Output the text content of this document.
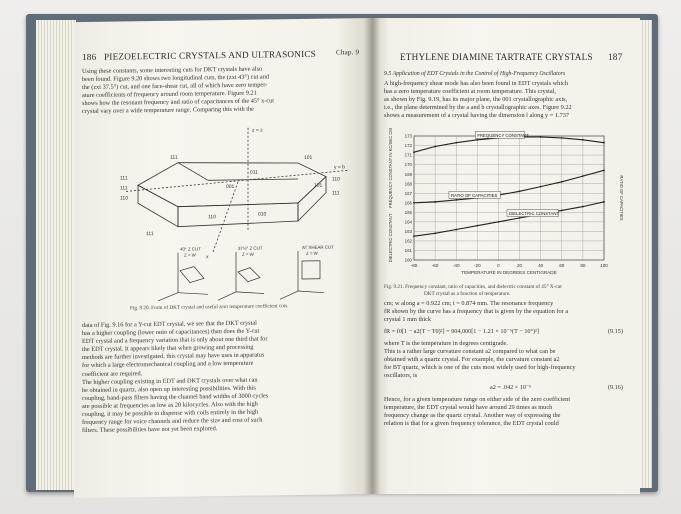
186 PIEZOELECTRIC CRYSTALS AND ULTRASONICS	Chap. 9
Using these constants, some interesting cuts for DKT crystals have also
been found. Figure 9.20 shows two longitudinal cuts, the (zxt 43°) cut and
the (zxt 37.5°) cut, and one face-shear cut, all of which have zero temper-
ature coefficients of frequency around room temperature. Figure 9.21
shows how the resonant frequency and ratio of capacitances of the 45° x-cut
crystal vary over a wide temperature range. Comparing this with the
z = z
y = b
x
111
011
001
101
101
111
111
110
111
010
110
110
111
40° Z CUT
Z = W
37½° Z CUT
Z = W
AT SHEAR CUT
Z = W
Fig. 9.20. Form of DKT crystal and useful zero temperature coefficient cuts.
data of Fig. 9.16 for a Y-cut EDT crystal, we see that the DKT crystal
has a higher coupling (lower ratio of capacitances) than does the Y-cut
EDT crystal and a frequency variation that is only about one third that for
the EDT crystal. It appears likely that when growing and processing
methods are further investigated, this crystal may have uses in apparatus
for which a large electromechanical coupling and a low temperature
coefficient are required.
The higher coupling existing in EDT and DKT crystals over what can
be obtained in quartz, also open up interesting possibilities. With this
coupling, band-pass filters having the channel band widths of 3000 cycles
are possible at frequencies as low as 20 kilocycles. Also with the high
coupling, it may be possible to dispense with coils entirely in the high
frequency range for voice channels and reduce the size and cost of such
filters. These possibilities have not yet been explored.
ETHYLENE DIAMINE TARTRATE CRYSTALS 187
9.5 Application of EDT Crystals in the Control of High-Frequency Oscillators
A high-frequency shear mode has also been found in EDT crystals which
has a zero temperature coefficient at room temperature. This crystal,
as shown by Fig. 9.19, has its major plane, the 001 crystallographic axis,
i.e., the plane determined by the a and b crystallographic axes. Figure 9.22
shows a measurement of a crystal having the dimension l along y = 1.737
-80	-60	-40	-20	0	20	40	60	80	100
173
172
171
170
169
168
167
166
165
164
163
162
161
160
TEMPERATURE IN DEGREES CENTIGRADE
FREQUENCY CONSTANT IN KC/SEC CM
DIELECTRIC CONSTANT
RATIO OF CAPACITIES
FREQUENCY CONSTANT
RATIO OF CAPACITIES
DIELECTRIC CONSTANT
Fig. 9.21. Frequency constant, ratio of capacities, and dielectric constant of 45° X-cut
DKT crystal as a function of temperature.
cm; w along a = 0.922 cm; t = 0.874 mm. The resonance frequency
fR shown by the curve has a frequency that is given by the equation for a
crystal 1 mm thick
fR = f0[1 − a2(T − T0)²] = 904,000[1 − 1.21 × 10⁻⁶(T − 10°)²]	(9.15)
where T is the temperature in degrees centigrade.
This is a rather large curvature constant a2 compared to what can be
obtained with a quartz crystal. For example, the curvature constant a2
for BT quartz, which is one of the cuts most widely used for high-frequency
oscillators, is
a2 = .042 × 10⁻⁶	(9.16)
Hence, for a given temperature range on either side of the zero coefficient
temperature, the EDT crystal would have around 29 times as much
frequency change as the quartz crystal. Another way of expressing the
relation is that for a given frequency tolerance, the EDT crystal could
